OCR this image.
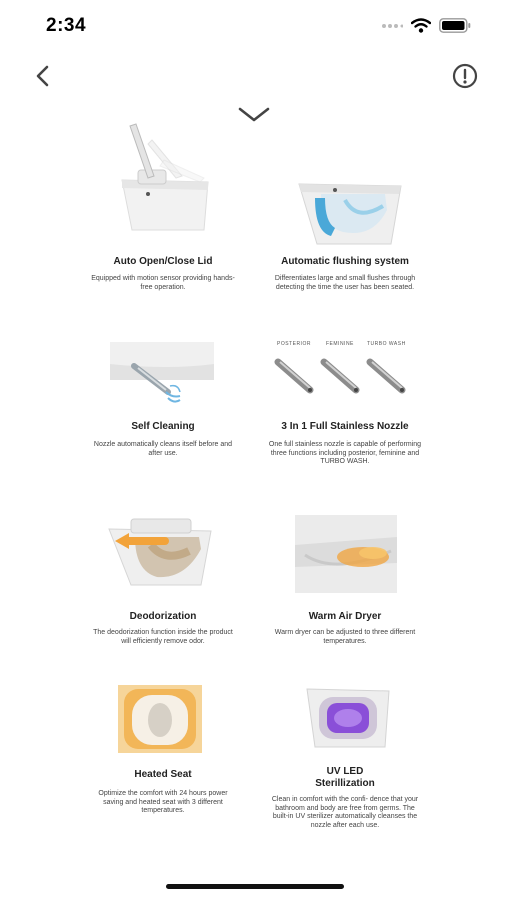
2:34
Auto Open/Close Lid
Equipped with motion sensor providing hands-free operation.
Automatic flushing system
Differentiates large and small flushes through detecting the time the user has been seated.
Self Cleaning
Nozzle automatically cleans itself before and after use.
POSTERIOR	FEMININE	TURBO WASH
3 In 1 Full Stainless Nozzle
One full stainless nozzle is capable of performing three functions including posterior, feminine and TURBO WASH.
Deodorization
The deodorization function inside the product will efficiently remove odor.
Warm Air Dryer
Warm dryer can be adjusted to three different temperatures.
Heated Seat
Optimize the comfort with 24 hours power saving and heated seat with 3 different temperatures.
UV LED Sterillization
Clean in comfort with the confi- dence that your bathroom and body are free from germs. The built-in UV sterilizer automatically cleanses the nozzle after each use.
